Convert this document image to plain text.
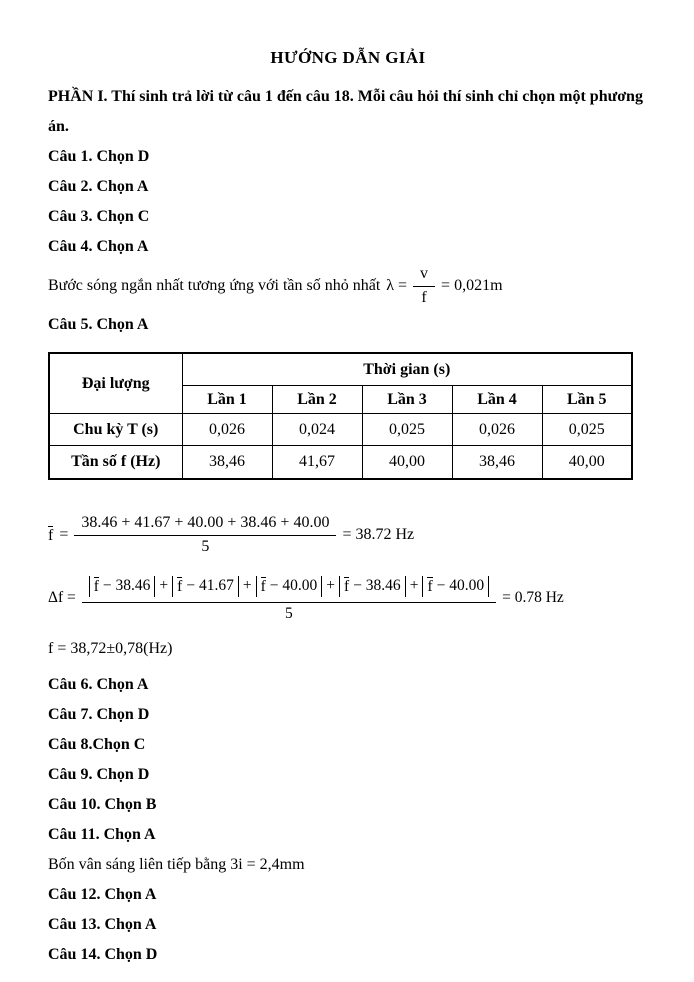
HƯỚNG DẪN GIẢI
PHẦN I. Thí sinh trả lời từ câu 1 đến câu 18. Mỗi câu hỏi thí sinh chỉ chọn một phương
án.
Câu 1. Chọn D
Câu 2. Chọn A
Câu 3. Chọn C
Câu 4. Chọn A
Bước sóng ngắn nhất tương ứng với tần số nhỏ nhất $\lambda = \frac{v}{f} = 0,021m$
Câu 5. Chọn A
Đại lượng	Thời gian (s)				
	Lần 1	Lần 2	Lần 3	Lần 4	Lần 5
Chu kỳ T (s)	0,026	0,024	0,025	0,026	0,025
Tần số f (Hz)	38,46	41,67	40,00	38,46	40,00
$f = \frac{38.46 + 41.67 + 40.00 + 38.46 + 40.00}{5} = 38.72$ Hz
Δf =
f − 38.46 + f − 41.67 + f − 40.00 + f − 38.46 + f − 40.00
5
= 0.78 Hz
f = 38,72±0,78(Hz)
Câu 6. Chọn A
Câu 7. Chọn D
Câu 8.Chọn C
Câu 9. Chọn D
Câu 10. Chọn B
Câu 11. Chọn A
Bốn vân sáng liên tiếp bằng 3i = 2,4mm
Câu 12. Chọn A
Câu 13. Chọn A
Câu 14. Chọn D
